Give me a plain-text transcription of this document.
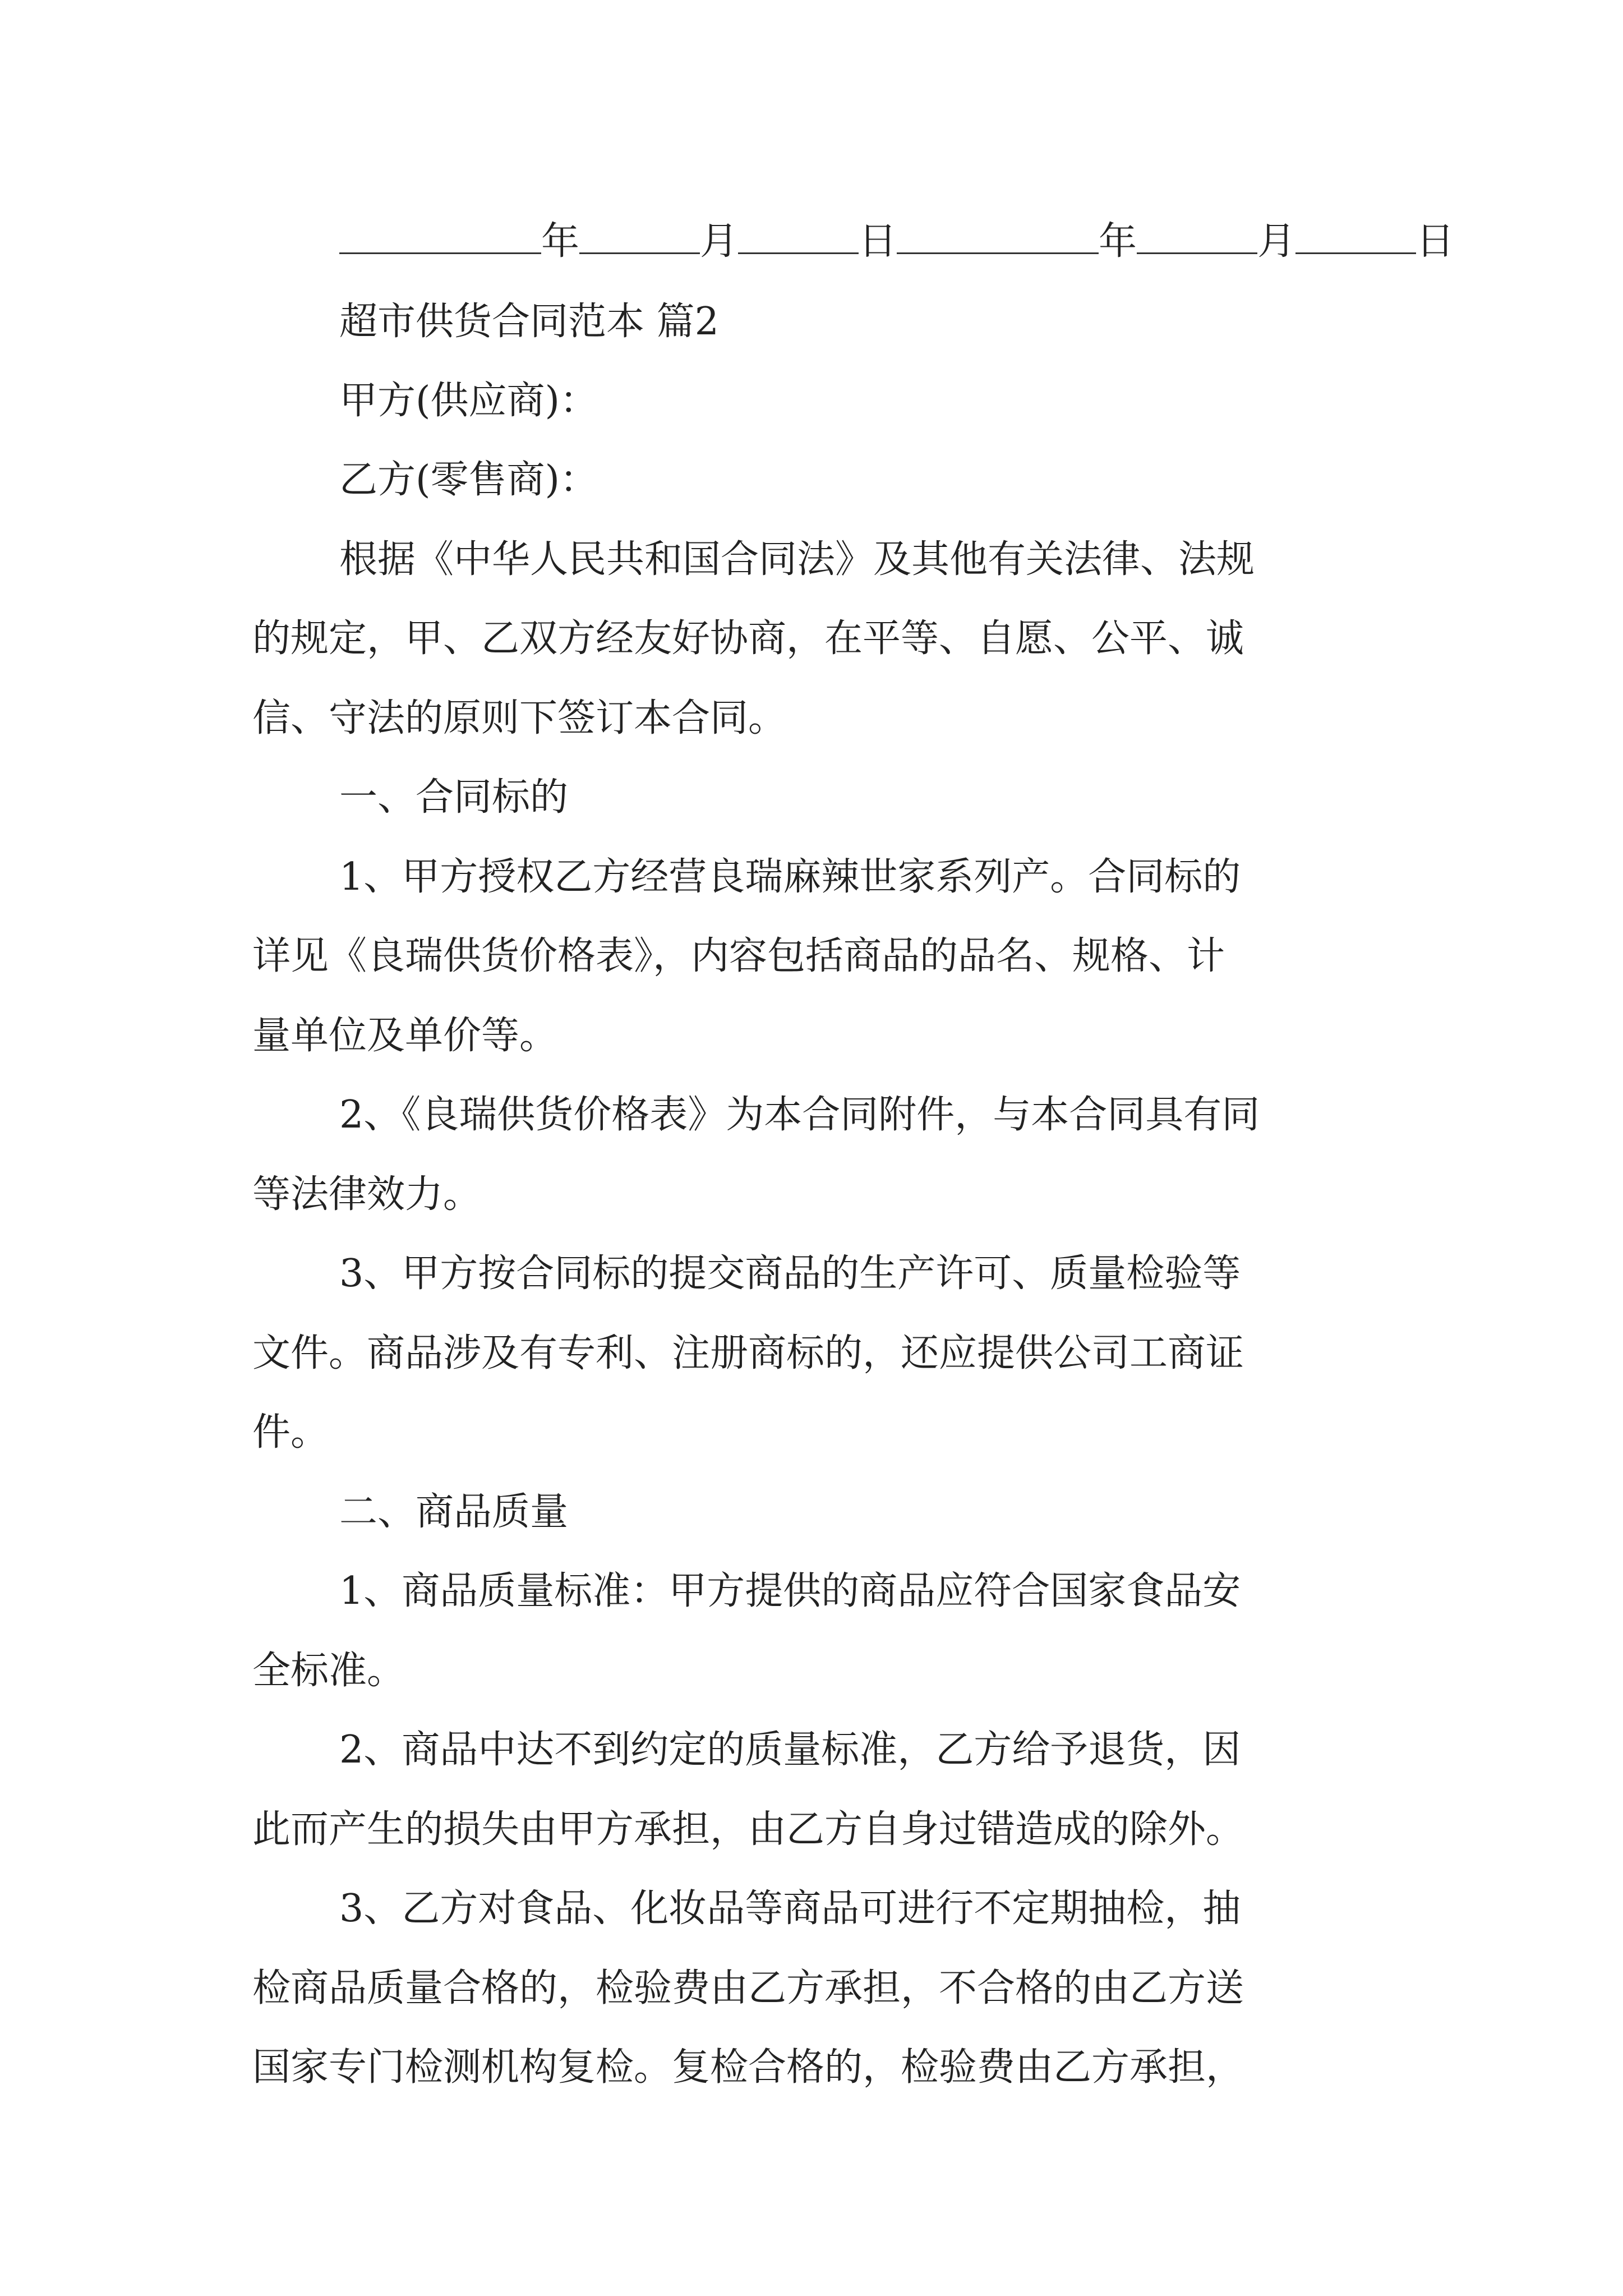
年	月	日	年	月	日
超市供货合同范本 篇2
甲方(供应商)：
乙方(零售商)：
根据《中华人民共和国合同法》及其他有关法律、法规
的规定，甲、乙双方经友好协商，在平等、自愿、公平、诚
信、守法的原则下签订本合同。
一、合同标的
1、甲方授权乙方经营良瑞麻辣世家系列产。合同标的
详见《良瑞供货价格表》，内容包括商品的品名、规格、计
量单位及单价等。
2、《良瑞供货价格表》为本合同附件，与本合同具有同
等法律效力。
3、甲方按合同标的提交商品的生产许可、质量检验等
文件。商品涉及有专利、注册商标的，还应提供公司工商证
件。
二、商品质量
1、商品质量标准：甲方提供的商品应符合国家食品安
全标准。
2、商品中达不到约定的质量标准，乙方给予退货，因
此而产生的损失由甲方承担，由乙方自身过错造成的除外。
3、乙方对食品、化妆品等商品可进行不定期抽检，抽
检商品质量合格的，检验费由乙方承担，不合格的由乙方送
国家专门检测机构复检。复检合格的，检验费由乙方承担，
